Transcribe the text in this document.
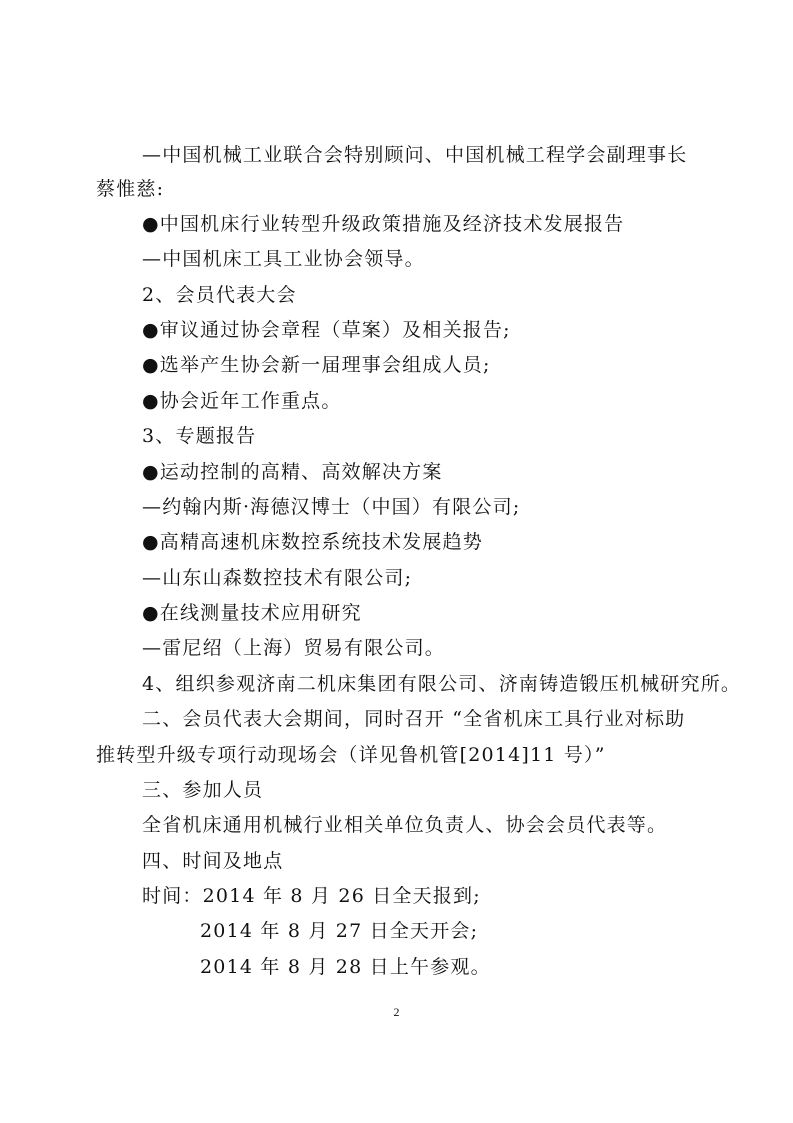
—中国机械工业联合会特别顾问、中国机械工程学会副理事长
蔡惟慈:
●中国机床行业转型升级政策措施及经济技术发展报告
—中国机床工具工业协会领导。
2、会员代表大会
●审议通过协会章程（草案）及相关报告;
●选举产生协会新一届理事会组成人员;
●协会近年工作重点。
3、专题报告
●运动控制的高精、高效解决方案
—约翰内斯·海德汉博士（中国）有限公司;
●高精高速机床数控系统技术发展趋势
—山东山森数控技术有限公司;
●在线测量技术应用研究
—雷尼绍（上海）贸易有限公司。
4、组织参观济南二机床集团有限公司、济南铸造锻压机械研究所。
二、会员代表大会期间，同时召开 “全省机床工具行业对标助
推转型升级专项行动现场会（详见鲁机管[2014]11 号）”
三、参加人员
全省机床通用机械行业相关单位负责人、协会会员代表等。
四、时间及地点
时间：2014 年 8 月 26 日全天报到;
2014 年 8 月 27 日全天开会;
2014 年 8 月 28 日上午参观。
2
